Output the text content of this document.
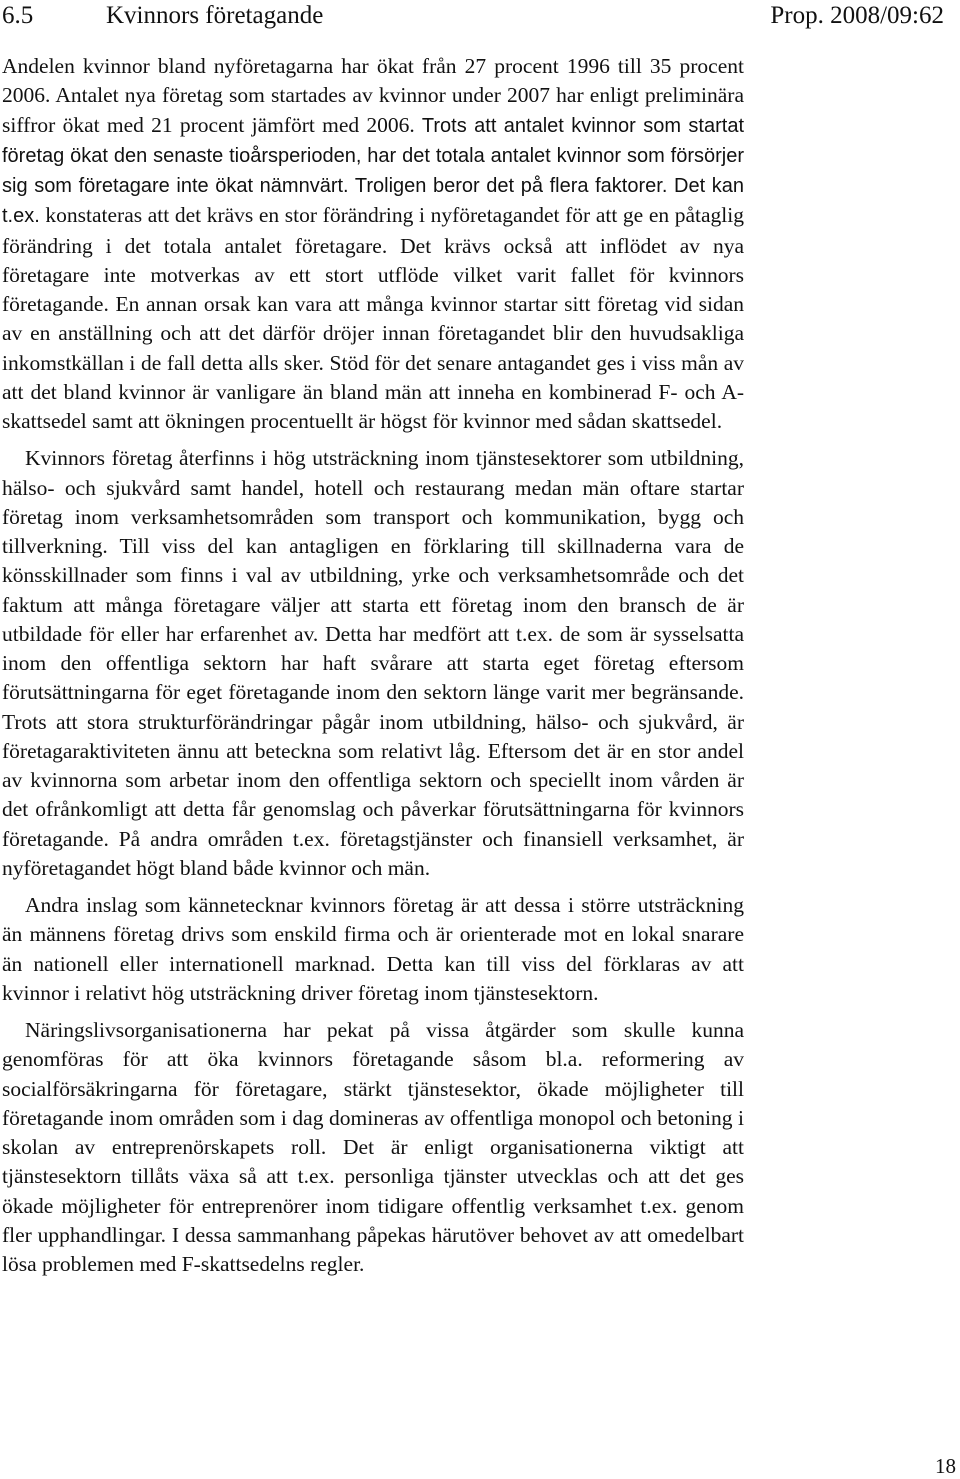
6.5	Kvinnors företagande	Prop. 2008/09:62

Andelen kvinnor bland nyföretagarna har ökat från 27 procent 1996 till 35 procent 2006. Antalet nya företag som startades av kvinnor under 2007 har enligt preliminära siffror ökat med 21 procent jämfört med 2006. Trots att antalet kvinnor som startat företag ökat den senaste tioårsperioden, har det totala antalet kvinnor som försörjer sig som företagare inte ökat nämnvärt. Troligen beror det på flera faktorer. Det kan t.ex. konstateras att det krävs en stor förändring i nyföretagandet för att ge en påtaglig förändring i det totala antalet företagare. Det krävs också att inflödet av nya företagare inte motverkas av ett stort utflöde vilket varit fallet för kvinnors företagande. En annan orsak kan vara att många kvinnor startar sitt företag vid sidan av en anställning och att det därför dröjer innan företagandet blir den huvudsakliga inkomstkällan i de fall detta alls sker. Stöd för det senare antagandet ges i viss mån av att det bland kvinnor är vanligare än bland män att inneha en kombinerad F- och A-skattsedel samt att ökningen procentuellt är högst för kvinnor med sådan skattsedel.

Kvinnors företag återfinns i hög utsträckning inom tjänstesektorer som utbildning, hälso- och sjukvård samt handel, hotell och restaurang medan män oftare startar företag inom verksamhetsområden som transport och kommunikation, bygg och tillverkning. Till viss del kan antagligen en förklaring till skillnaderna vara de könsskillnader som finns i val av utbildning, yrke och verksamhetsområde och det faktum att många företagare väljer att starta ett företag inom den bransch de är utbildade för eller har erfarenhet av. Detta har medfört att t.ex. de som är sysselsatta inom den offentliga sektorn har haft svårare att starta eget företag eftersom förutsättningarna för eget företagande inom den sektorn länge varit mer begränsande. Trots att stora strukturförändringar pågår inom utbildning, hälso- och sjukvård, är företagaraktiviteten ännu att beteckna som relativt låg. Eftersom det är en stor andel av kvinnorna som arbetar inom den offentliga sektorn och speciellt inom vården är det ofrånkomligt att detta får genomslag och påverkar förutsättningarna för kvinnors företagande. På andra områden t.ex. företagstjänster och finansiell verksamhet, är nyföretagandet högt bland både kvinnor och män.

Andra inslag som kännetecknar kvinnors företag är att dessa i större utsträckning än männens företag drivs som enskild firma och är orienterade mot en lokal snarare än nationell eller internationell marknad. Detta kan till viss del förklaras av att kvinnor i relativt hög utsträckning driver företag inom tjänstesektorn.

Näringslivsorganisationerna har pekat på vissa åtgärder som skulle kunna genomföras för att öka kvinnors företagande såsom bl.a. reformering av socialförsäkringarna för företagare, stärkt tjänstesektor, ökade möjligheter till företagande inom områden som i dag domineras av offentliga monopol och betoning i skolan av entreprenörskapets roll. Det är enligt organisationerna viktigt att tjänstesektorn tillåts växa så att t.ex. personliga tjänster utvecklas och att det ges ökade möjligheter för entreprenörer inom tidigare offentlig verksamhet t.ex. genom fler upphandlingar. I dessa sammanhang påpekas härutöver behovet av att omedelbart lösa problemen med F-skattsedelns regler.

18
